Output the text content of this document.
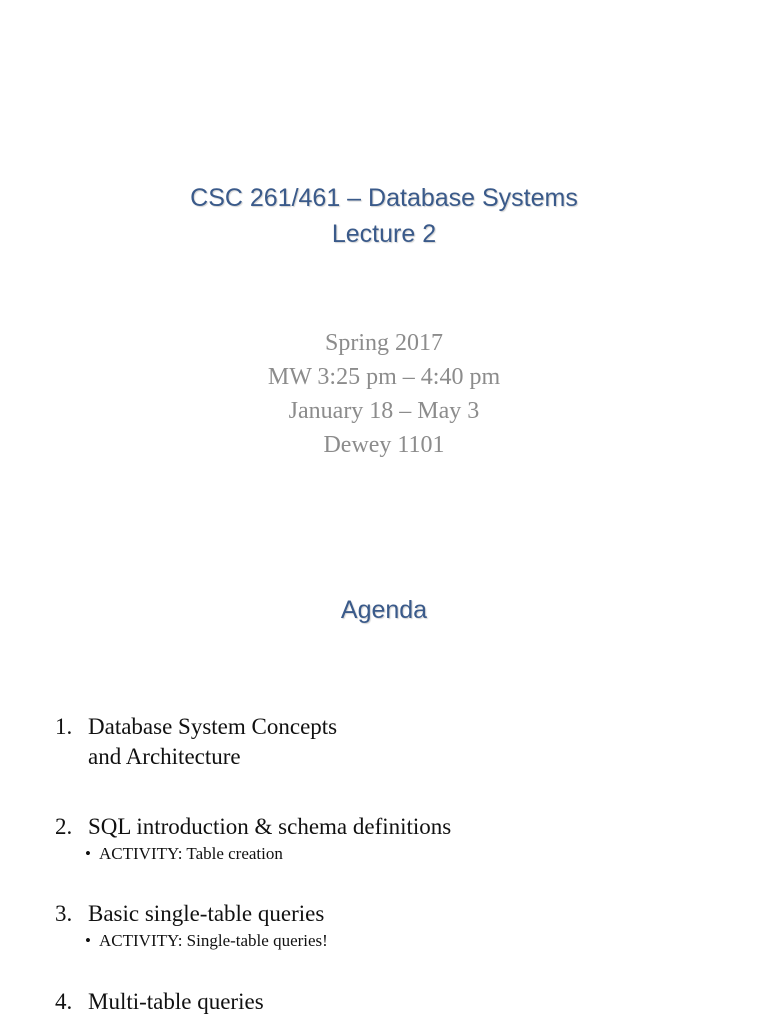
CSC 261/461 – Database Systems
Lecture 2
Spring 2017
MW 3:25 pm – 4:40 pm
January 18 – May 3
Dewey 1101
Agenda
1. Database System Concepts
and Architecture
2. SQL introduction & schema definitions
• ACTIVITY: Table creation
3. Basic single-table queries
• ACTIVITY: Single-table queries!
4. Multi-table queries
